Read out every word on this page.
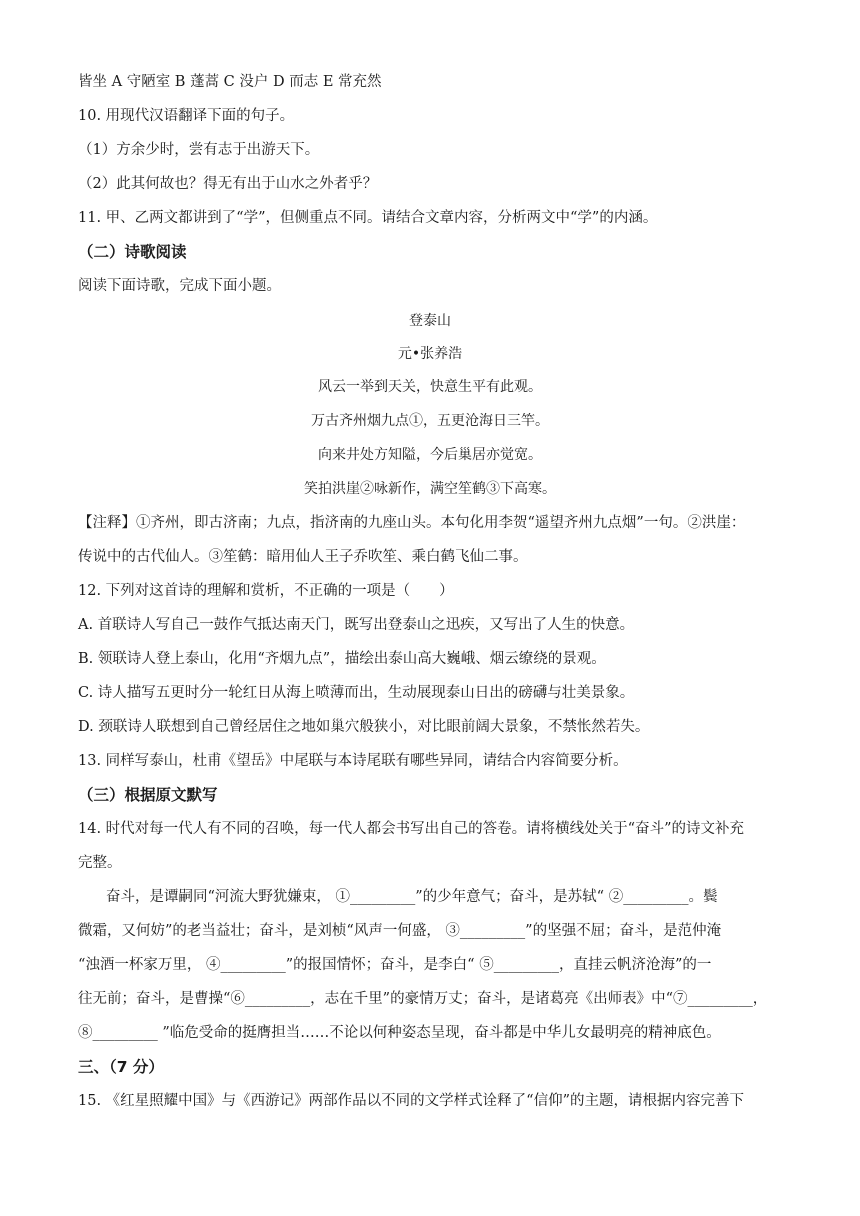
皆坐 A 守陋室 B 蓬蒿 C 没户 D 而志 E 常充然
10. 用现代汉语翻译下面的句子。
（1）方余少时，尝有志于出游天下。
（2）此其何故也？得无有出于山水之外者乎？
11. 甲、乙两文都讲到了“学”，但侧重点不同。请结合文章内容，分析两文中“学”的内涵。
（二）诗歌阅读
阅读下面诗歌，完成下面小题。
登泰山
元•张养浩
风云一举到天关，快意生平有此观。
万古齐州烟九点①，五更沧海日三竿。
向来井处方知隘，今后巢居亦觉宽。
笑拍洪崖②咏新作，满空笙鹤③下高寒。
【注释】①齐州，即古济南；九点，指济南的九座山头。本句化用李贺“遥望齐州九点烟”一句。②洪崖：
传说中的古代仙人。③笙鹤：暗用仙人王子乔吹笙、乘白鹤飞仙二事。
12. 下列对这首诗的理解和赏析，不正确的一项是（　　）
A. 首联诗人写自己一鼓作气抵达南天门，既写出登泰山之迅疾，又写出了人生的快意。
B. 领联诗人登上泰山，化用“齐烟九点”，描绘出泰山高大巍峨、烟云缭绕的景观。
C. 诗人描写五更时分一轮红日从海上喷薄而出，生动展现泰山日出的磅礴与壮美景象。
D. 颈联诗人联想到自己曾经居住之地如巢穴般狭小，对比眼前阔大景象，不禁怅然若失。
13. 同样写泰山，杜甫《望岳》中尾联与本诗尾联有哪些异同，请结合内容简要分析。
（三）根据原文默写
14. 时代对每一代人有不同的召唤，每一代人都会书写出自己的答卷。请将横线处关于“奋斗”的诗文补充
完整。
奋斗，是谭嗣同“河流大野犹嫌束， ①_________”的少年意气；奋斗，是苏轼“ ②_________。鬓
微霜，又何妨”的老当益壮；奋斗，是刘桢“风声一何盛， ③_________”的坚强不屈；奋斗，是范仲淹
“浊酒一杯家万里， ④_________”的报国情怀；奋斗，是李白“ ⑤_________，直挂云帆济沧海”的一
往无前；奋斗，是曹操“⑥_________，志在千里”的豪情万丈；奋斗，是诸葛亮《出师表》中“⑦_________，
⑧_________ ”临危受命的挺膺担当……不论以何种姿态呈现，奋斗都是中华儿女最明亮的精神底色。
三、（7 分）
15. 《红星照耀中国》与《西游记》两部作品以不同的文学样式诠释了“信仰”的主题，请根据内容完善下
